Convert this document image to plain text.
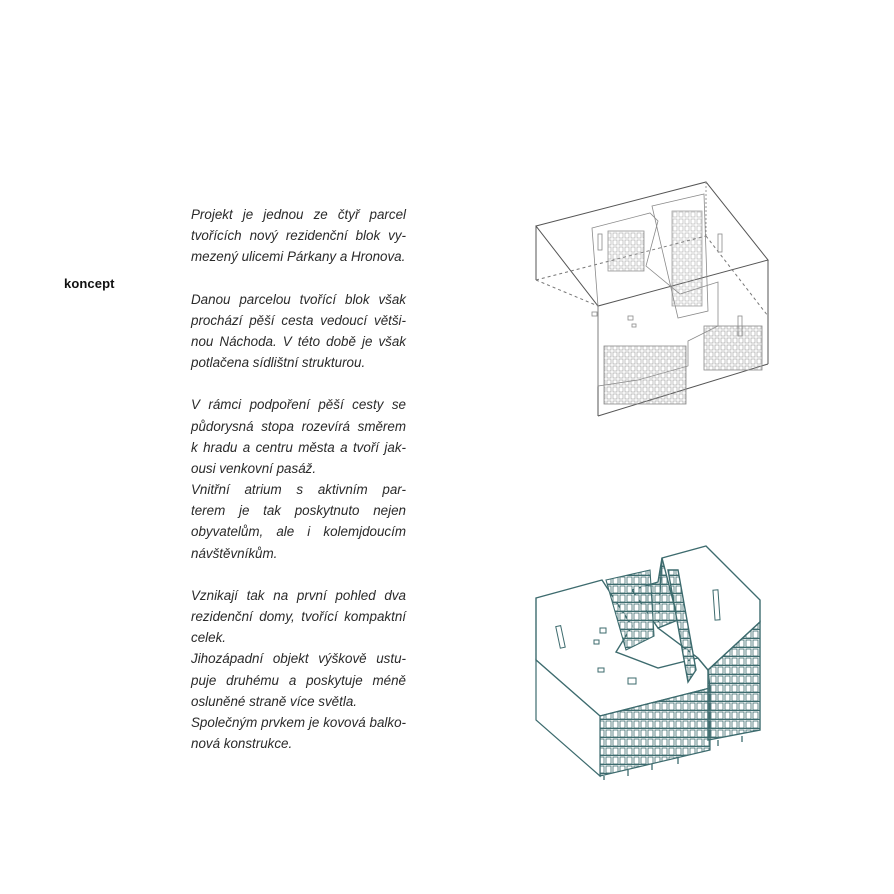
koncept
Projekt je jednou ze čtyř parcel
tvořících nový rezidenční blok vy-
mezený ulicemi Párkany a Hronova.
Danou parcelou tvořící blok však
prochází pěší cesta vedoucí větši-
nou Náchoda. V této době je však
potlačena sídlištní strukturou.
V rámci podpoření pěší cesty se
půdorysná stopa rozevírá směrem
k hradu a centru města a tvoří jak-
ousi venkovní pasáž.
Vnitřní atrium s aktivním par-
terem je tak poskytnuto nejen
obyvatelům, ale i kolemjdoucím
návštěvníkům.
Vznikají tak na první pohled dva
rezidenční domy, tvořící kompaktní
celek.
Jihozápadní objekt výškově ustu-
puje druhému a poskytuje méně
osluněné straně více světla.
Společným prvkem je kovová balko-
nová konstrukce.
